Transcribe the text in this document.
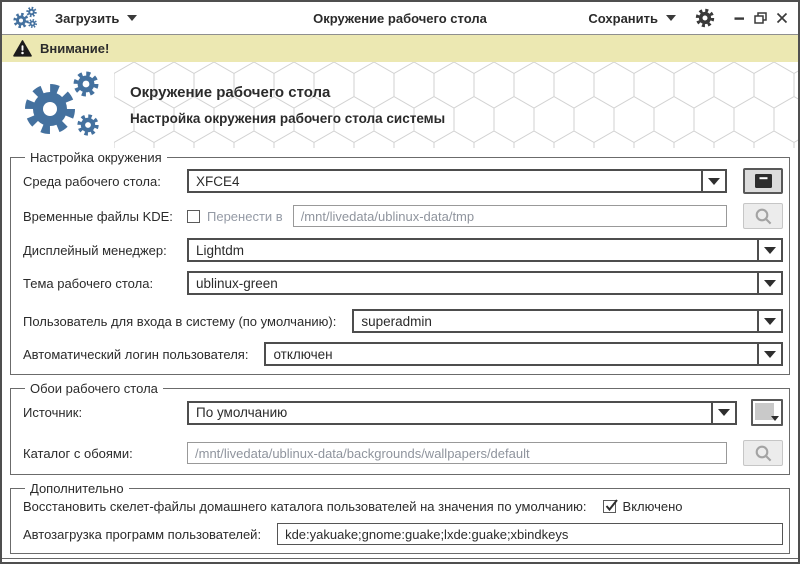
Загрузить	Окружение рабочего стола	Сохранить
Внимание!
Окружение рабочего стола
Настройка окружения рабочего стола системы
Настройка окружения
Среда рабочего стола:	XFCE4
Временные файлы KDE:	Перенести в
/mnt/livedata/ublinux-data/tmp
Дисплейный менеджер:	Lightdm
Тема рабочего стола:	ublinux-green
Пользователь для входа в систему (по умолчанию):	superadmin
Автоматический логин пользователя:	отключен
Обои рабочего стола
Источник:	По умолчанию
Каталог с обоями:
/mnt/livedata/ublinux-data/backgrounds/wallpapers/default
Дополнительно
Восстановить скелет-файлы домашнего каталога пользователей на значения по умолчанию:	Включено
Автозагрузка программ пользователей:
kde:yakuake;gnome:guake;lxde:guake;xbindkeys
